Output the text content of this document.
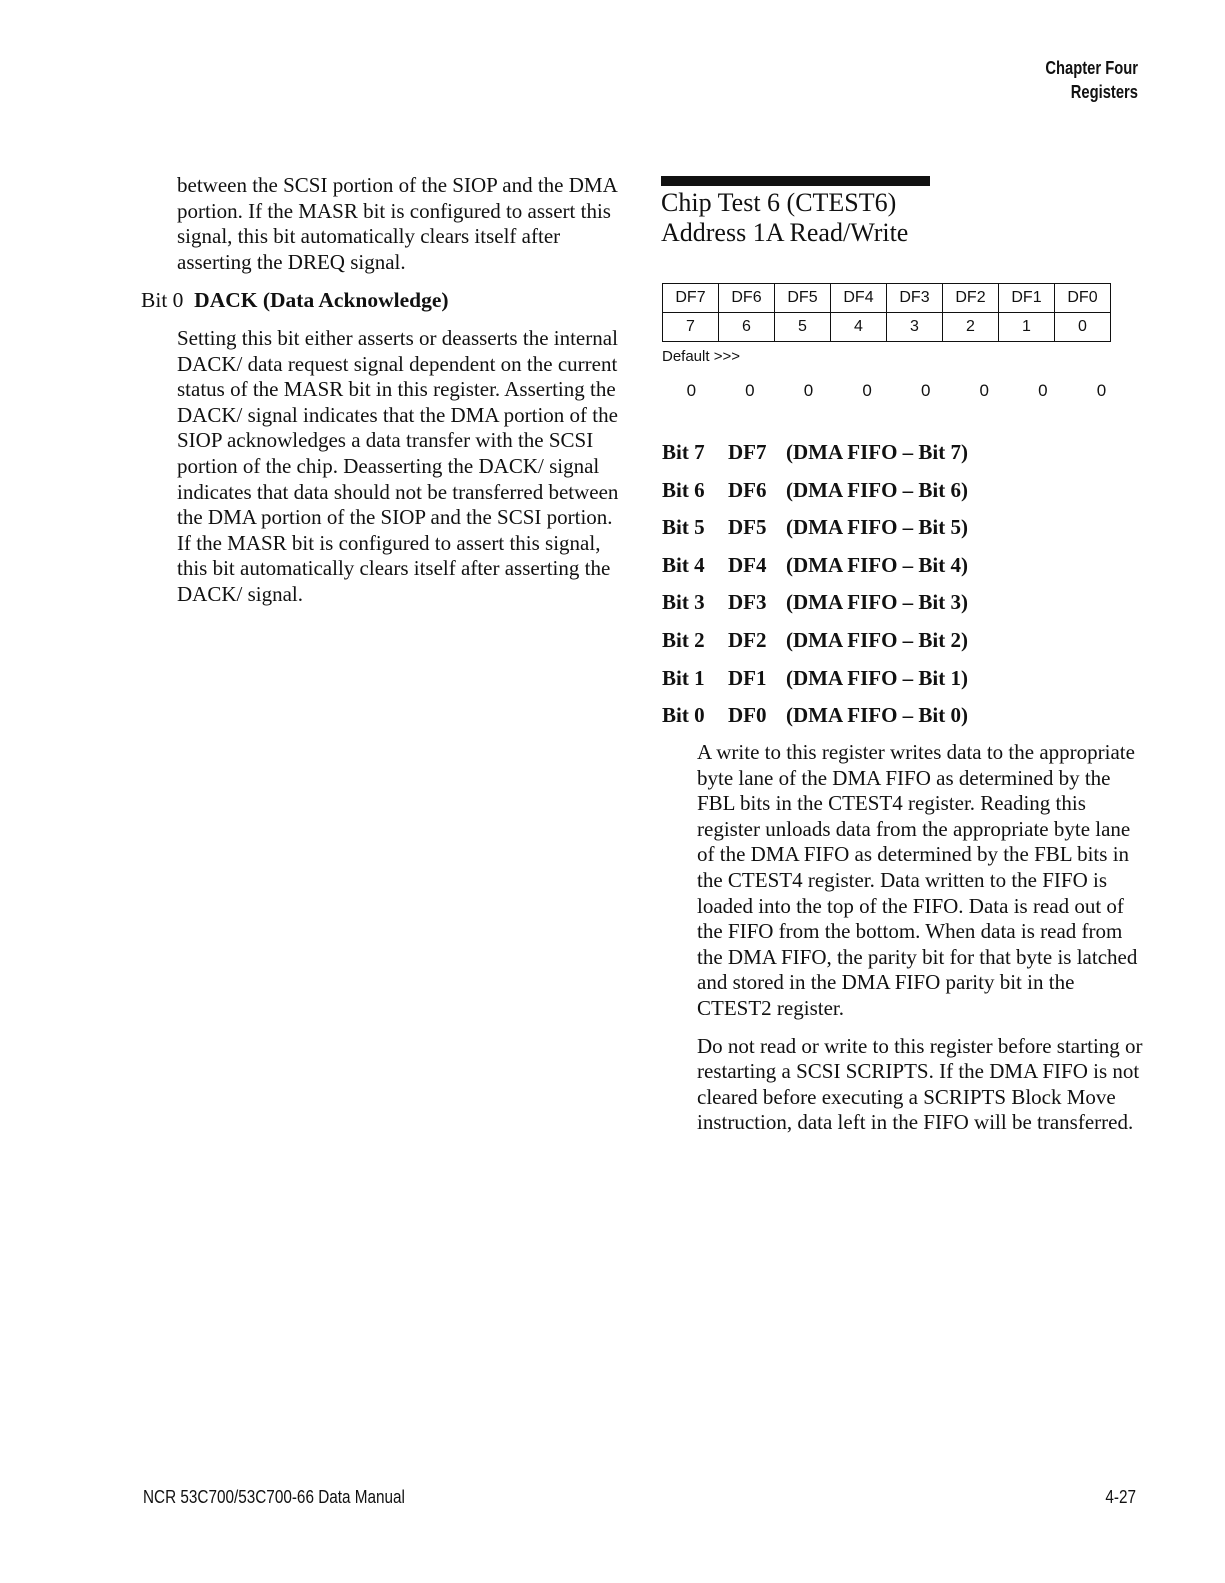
Chapter Four
Registers

between the SCSI portion of the SIOP and the DMA portion. If the MASR bit is configured to assert this signal, this bit automatically clears itself after asserting the DREQ signal.

Bit 0 DACK (Data Acknowledge)

Setting this bit either asserts or deasserts the internal DACK/ data request signal dependent on the current status of the MASR bit in this register. Asserting the DACK/ signal indicates that the DMA portion of the SIOP acknowledges a data transfer with the SCSI portion of the chip. Deasserting the DACK/ signal indicates that data should not be transferred between the DMA portion of the SIOP and the SCSI portion. If the MASR bit is configured to assert this signal, this bit automatically clears itself after asserting the DACK/ signal.

Chip Test 6 (CTEST6)
Address 1A Read/Write
DF7	DF6	DF5	DF4	DF3	DF2	DF1	DF0
7	6	5	4	3	2	1	0
Default >>>
0	0	0	0	0	0	0	0
Bit 7 DF7 (DMA FIFO – Bit 7)
Bit 6 DF6 (DMA FIFO – Bit 6)
Bit 5 DF5 (DMA FIFO – Bit 5)
Bit 4 DF4 (DMA FIFO – Bit 4)
Bit 3 DF3 (DMA FIFO – Bit 3)
Bit 2 DF2 (DMA FIFO – Bit 2)
Bit 1 DF1 (DMA FIFO – Bit 1)
Bit 0 DF0 (DMA FIFO – Bit 0)

A write to this register writes data to the appropriate byte lane of the DMA FIFO as determined by the FBL bits in the CTEST4 register. Reading this register unloads data from the appropriate byte lane of the DMA FIFO as determined by the FBL bits in the CTEST4 register. Data written to the FIFO is loaded into the top of the FIFO. Data is read out of the FIFO from the bottom. When data is read from the DMA FIFO, the parity bit for that byte is latched and stored in the DMA FIFO parity bit in the CTEST2 register.

Do not read or write to this register before starting or restarting a SCSI SCRIPTS. If the DMA FIFO is not cleared before executing a SCRIPTS Block Move instruction, data left in the FIFO will be transferred.

NCR 53C700/53C700-66 Data Manual	4-27
